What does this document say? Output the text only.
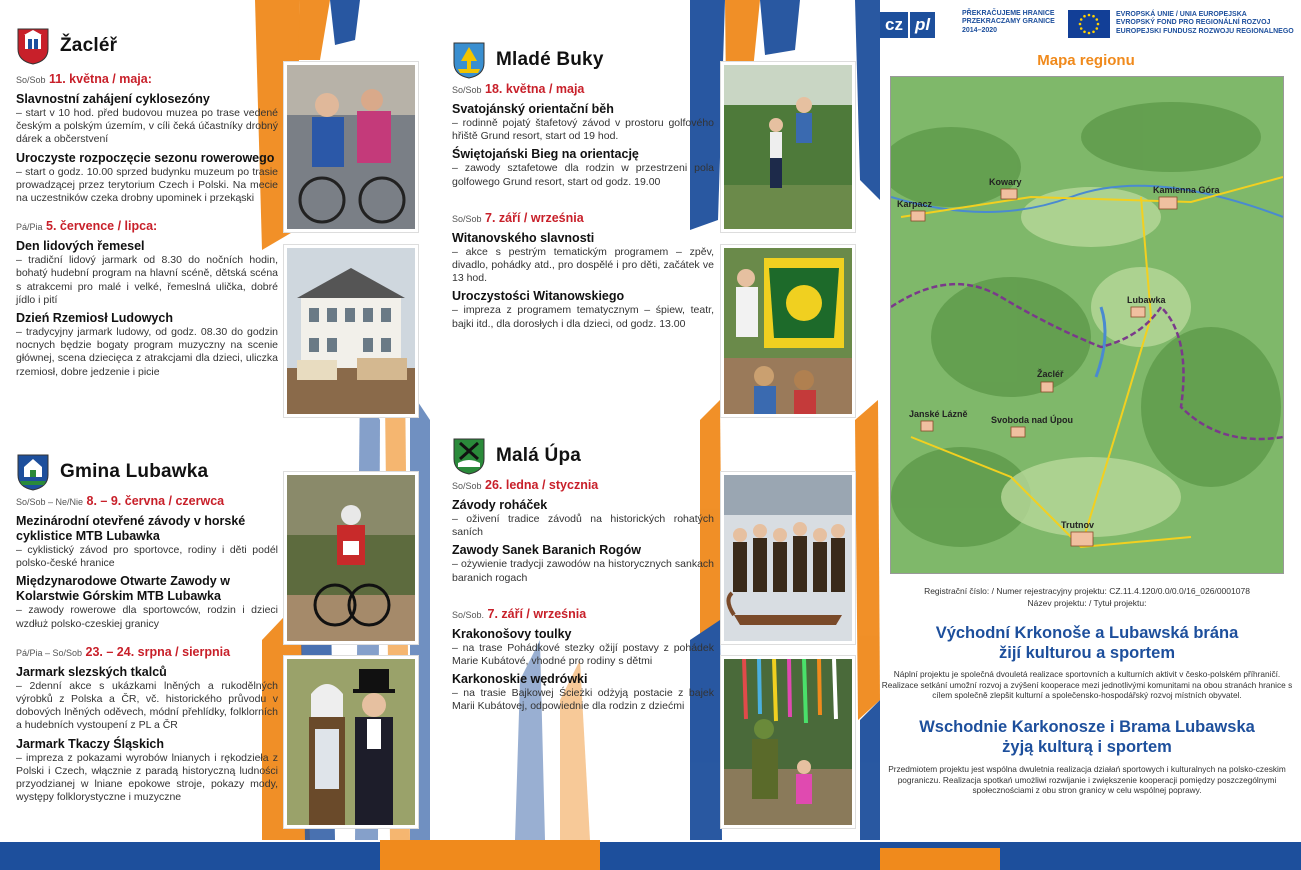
Žacléř
So/Sob 11. května / maja:
Slavnostní zahájení cyklosezóny
– start v 10 hod. před budovou muzea po trase vedené českým a polským územím, v cíli čeká účastníky drobný dárek a občerstvení
Uroczyste rozpoczęcie sezonu rowerowego
– start o godz. 10.00 sprzed budynku muzeum po trasie prowadzącej przez terytorium Czech i Polski. Na mecie na uczestników czeka drobny upominek i przekąski
Pá/Pia 5. července / lipca:
Den lidových řemesel
– tradiční lidový jarmark od 8.30 do nočních hodin, bohatý hudební program na hlavní scéně, dětská scéna s atrakcemi pro malé i velké, řemeslná ulička, dobré jídlo i pití
Dzień Rzemiosł Ludowych
– tradycyjny jarmark ludowy, od godz. 08.30 do godzin nocnych będzie bogaty program muzyczny na scenie głównej, scena dziecięca z atrakcjami dla dzieci, uliczka rzemiosł, dobre jedzenie i picie
Gmina Lubawka
So/Sob – Ne/Nie 8. – 9. června / czerwca
Mezinárodní otevřené závody v horské cyklistice MTB Lubawka
– cyklistický závod pro sportovce, rodiny i děti podél polsko-české hranice
Międzynarodowe Otwarte Zawody w Kolarstwie Górskim MTB Lubawka
– zawody rowerowe dla sportowców, rodzin i dzieci wzdłuż polsko-czeskiej granicy
Pá/Pia – So/Sob 23. – 24. srpna / sierpnia
Jarmark slezských tkalců
– 2denní akce s ukázkami lněných a rukodělných výrobků z Polska a ČR, vč. historického průvodu v dobových lněných oděvech, módní přehlídky, folklorních a hudebních vystoupení z PL a ČR
Jarmark Tkaczy Śląskich
– impreza z pokazami wyrobów lnianych i rękodzieła z Polski i Czech, włącznie z paradą historyczną ludności przyodzianej w lniane epokowe stroje, pokazy mody, występy folklorystyczne i muzyczne
Mladé Buky
So/Sob 18. května / maja
Svatojánský orientační běh
– rodinně pojatý štafetový závod v prostoru golfového hřiště Grund resort, start od 19 hod.
Świętojański Bieg na orientację
– zawody sztafetowe dla rodzin w przestrzeni pola golfowego Grund resort, start od godz. 19.00
So/Sob 7. září / września
Witanovského slavnosti
– akce s pestrým tematickým programem – zpěv, divadlo, pohádky atd., pro dospělé i pro děti, začátek ve 13 hod.
Uroczystości Witanowskiego
– impreza z programem tematycznym – śpiew, teatr, bajki itd., dla dorosłych i dla dzieci, od godz. 13.00
Malá Úpa
So/Sob 26. ledna / stycznia
Závody roháček
– oživení tradice závodů na historických rohatých saních
Zawody Sanek Baranich Rogów
– ożywienie tradycji zawodów na historycznych sankach baranich rogach
So/Sob. 7. září / września
Krakonošovy toulky
– na trase Pohádkové stezky ožijí postavy z pohádek Marie Kubátové, vhodné pro rodiny s dětmi
Karkonoskie wędrówki
– na trasie Bajkowej Ścieżki odżyją postacie z bajek Marii Kubátovej, odpowiednie dla rodzin z dziećmi
cz pl
PŘEKRAČUJEME HRANICE
PRZEKRACZAMY GRANICE
2014–2020
EVROPSKÁ UNIE / UNIA EUROPEJSKA
EVROPSKÝ FOND PRO REGIONÁLNÍ ROZVOJ
EUROPEJSKI FUNDUSZ ROZWOJU REGIONALNEGO
Mapa regionu
Kowary
Karpacz
Kamienna Góra
Lubawka
Žacléř
Janské Lázně
Svoboda nad Úpou
Trutnov
Registrační číslo: / Numer rejestracyjny projektu: CZ.11.4.120/0.0/0.0/16_026/0001078
Název projektu: / Tytuł projektu:
Východní Krkonoše a Lubawská brána
žijí kulturou a sportem
Náplní projektu je společná dvouletá realizace sportovních a kulturních aktivit v česko-polském příhraničí. Realizace setkání umožní rozvoj a zvýšení kooperace mezi jednotlivými komunitami na obou stranách hranice s cílem společně zlepšit kulturní a společensko-hospodářský rozvoj místních obyvatel.
Wschodnie Karkonosze i Brama Lubawska
żyją kulturą i sportem
Przedmiotem projektu jest wspólna dwuletnia realizacja działań sportowych i kulturalnych na polsko-czeskim pograniczu. Realizacja spotkań umożliwi rozwijanie i zwiększenie kooperacji pomiędzy poszczególnymi społecznościami z obu stron granicy w celu wspólnej poprawy.
